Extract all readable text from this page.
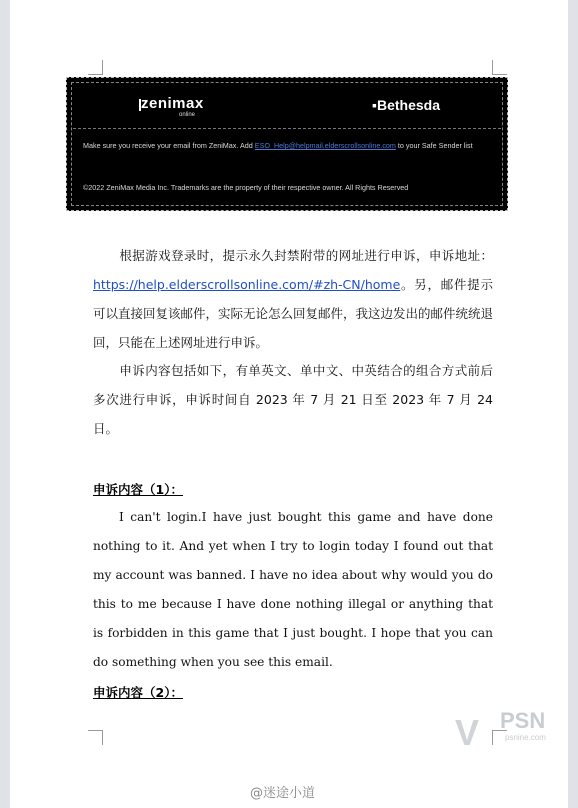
zenimax
online
▪Bethesda
Make sure you receive your email from ZeniMax. Add ESO_Help@helpmail.elderscrollsonline.com to your Safe Sender list
©2022 ZeniMax Media Inc. Trademarks are the property of their respective owner. All Rights Reserved
根据游戏登录时，提示永久封禁附带的网址进行申诉，申诉地址：https://help.elderscrollsonline.com/#zh-CN/home。另，邮件提示可以直接回复该邮件，实际无论怎么回复邮件，我这边发出的邮件统统退回，只能在上述网址进行申诉。
申诉内容包括如下，有单英文、单中文、中英结合的组合方式前后多次进行申诉，申诉时间自 2023 年 7 月 21 日至 2023 年 7 月 24 日。
申诉内容（1）：
I can't login.I have just bought this game and have done nothing to it. And yet when I try to login today I found out that my account was banned. I have no idea about why would you do this to me because I have done nothing illegal or anything that is forbidden in this game that I just bought. I hope that you can do something when you see this email.
申诉内容（2）：
V PSN
psnine.com
@迷途小道
